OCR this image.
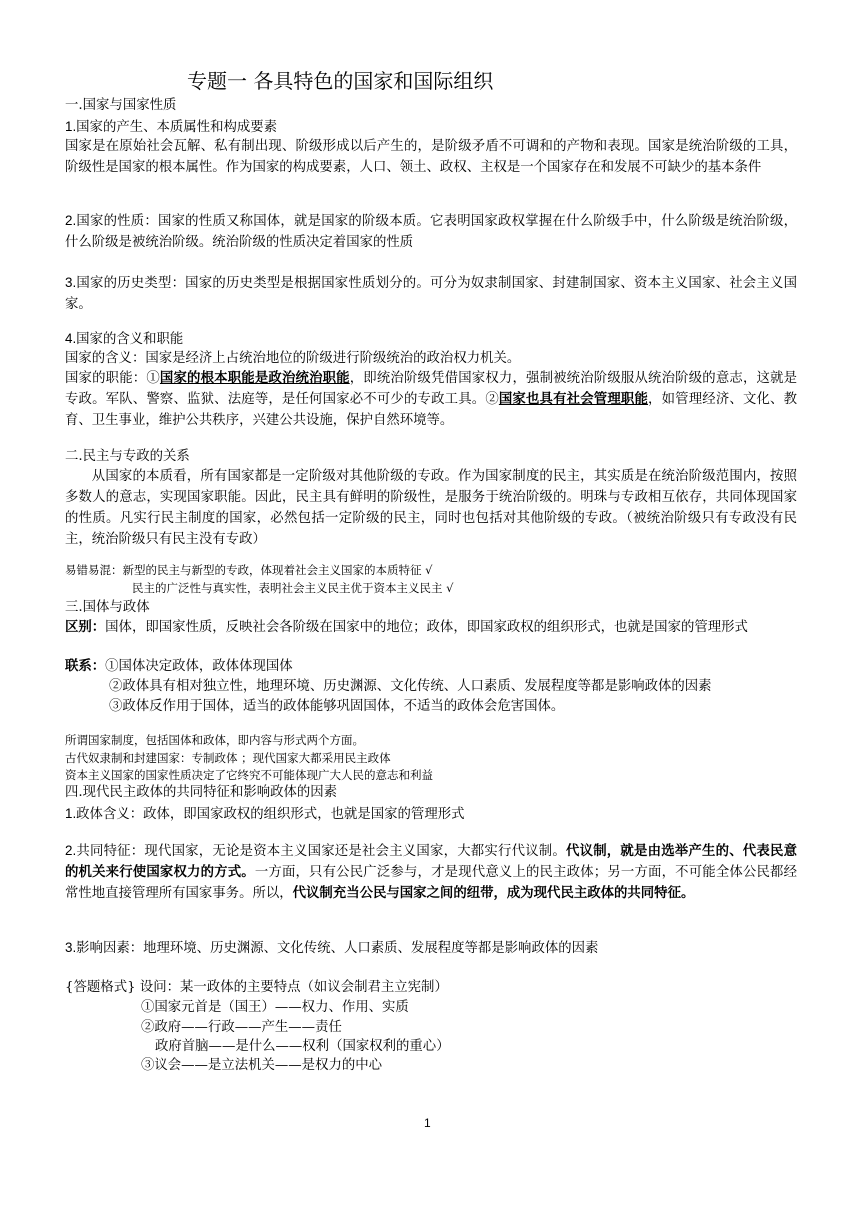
专题一 各具特色的国家和国际组织
一.国家与国家性质
1.国家的产生、本质属性和构成要素
国家是在原始社会瓦解、私有制出现、阶级形成以后产生的，是阶级矛盾不可调和的产物和表现。国家是统治阶级的工具，阶级性是国家的根本属性。作为国家的构成要素，人口、领土、政权、主权是一个国家存在和发展不可缺少的基本条件
2.国家的性质：国家的性质又称国体，就是国家的阶级本质。它表明国家政权掌握在什么阶级手中，什么阶级是统治阶级，什么阶级是被统治阶级。统治阶级的性质决定着国家的性质
3.国家的历史类型：国家的历史类型是根据国家性质划分的。可分为奴隶制国家、封建制国家、资本主义国家、社会主义国家。
4.国家的含义和职能
国家的含义：国家是经济上占统治地位的阶级进行阶级统治的政治权力机关。
国家的职能：①国家的根本职能是政治统治职能，即统治阶级凭借国家权力，强制被统治阶级服从统治阶级的意志，这就是专政。军队、警察、监狱、法庭等，是任何国家必不可少的专政工具。②国家也具有社会管理职能，如管理经济、文化、教育、卫生事业，维护公共秩序，兴建公共设施，保护自然环境等。
二.民主与专政的关系
从国家的本质看，所有国家都是一定阶级对其他阶级的专政。作为国家制度的民主，其实质是在统治阶级范围内，按照多数人的意志，实现国家职能。因此，民主具有鲜明的阶级性，是服务于统治阶级的。明珠与专政相互依存，共同体现国家的性质。凡实行民主制度的国家，必然包括一定阶级的民主，同时也包括对其他阶级的专政。（被统治阶级只有专政没有民主，统治阶级只有民主没有专政）
易错易混：新型的民主与新型的专政，体现着社会主义国家的本质特征 √
民主的广泛性与真实性，表明社会主义民主优于资本主义民主 √
三.国体与政体
区别：国体，即国家性质，反映社会各阶级在国家中的地位；政体，即国家政权的组织形式，也就是国家的管理形式
联系：①国体决定政体，政体体现国体
②政体具有相对独立性，地理环境、历史渊源、文化传统、人口素质、发展程度等都是影响政体的因素
③政体反作用于国体，适当的政体能够巩固国体，不适当的政体会危害国体。
所谓国家制度，包括国体和政体，即内容与形式两个方面。
古代奴隶制和封建国家：专制政体 ；现代国家大都采用民主政体
资本主义国家的国家性质决定了它终究不可能体现广大人民的意志和利益
四.现代民主政体的共同特征和影响政体的因素
1.政体含义：政体，即国家政权的组织形式，也就是国家的管理形式
2.共同特征：现代国家，无论是资本主义国家还是社会主义国家，大都实行代议制。代议制，就是由选举产生的、代表民意的机关来行使国家权力的方式。一方面，只有公民广泛参与，才是现代意义上的民主政体；另一方面，不可能全体公民都经常性地直接管理所有国家事务。所以，代议制充当公民与国家之间的纽带，成为现代民主政体的共同特征。
3.影响因素：地理环境、历史渊源、文化传统、人口素质、发展程度等都是影响政体的因素
{答题格式} 设问：某一政体的主要特点（如议会制君主立宪制）
①国家元首是（国王）——权力、作用、实质
②政府——行政——产生——责任
政府首脑——是什么——权利（国家权利的重心）
③议会——是立法机关——是权力的中心
1
